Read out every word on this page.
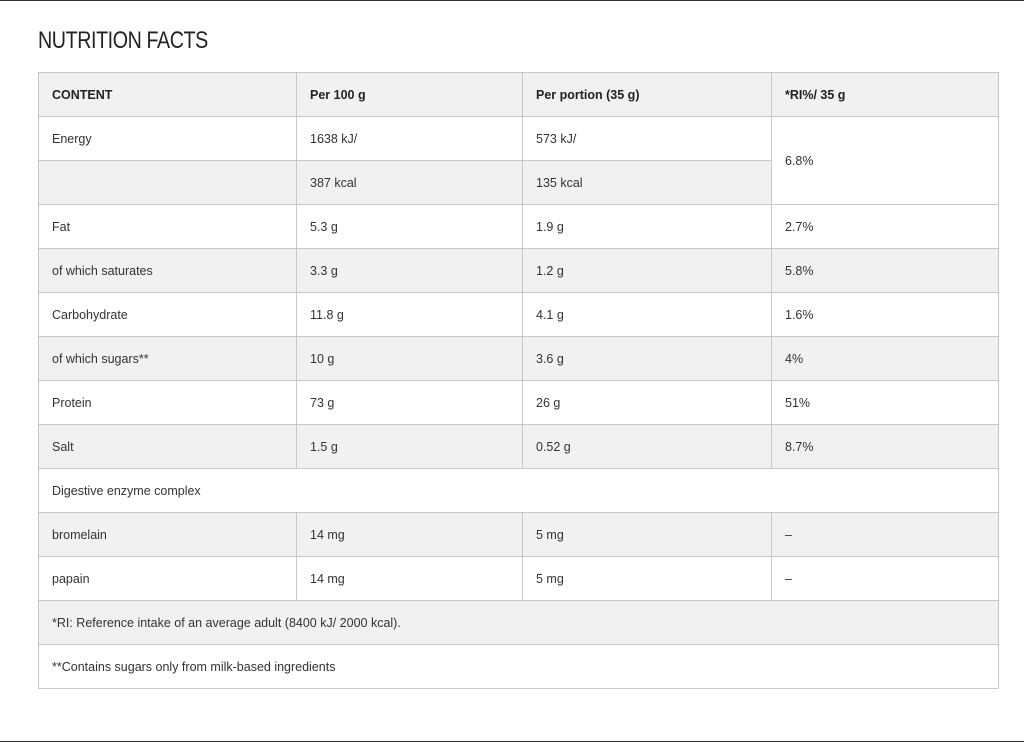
NUTRITION FACTS
CONTENT	Per 100 g	Per portion (35 g)	*RI%/ 35 g
Energy	1638 kJ/	573 kJ/	6.8%
	387 kcal	135 kcal	
Fat	5.3 g	1.9 g	2.7%
of which saturates	3.3 g	1.2 g	5.8%
Carbohydrate	11.8 g	4.1 g	1.6%
of which sugars**	10 g	3.6 g	4%
Protein	73 g	26 g	51%
Salt	1.5 g	0.52 g	8.7%
Digestive enzyme complex			
bromelain	14 mg	5 mg	–
papain	14 mg	5 mg	–
*RI: Reference intake of an average adult (8400 kJ/ 2000 kcal).			
**Contains sugars only from milk-based ingredients			
